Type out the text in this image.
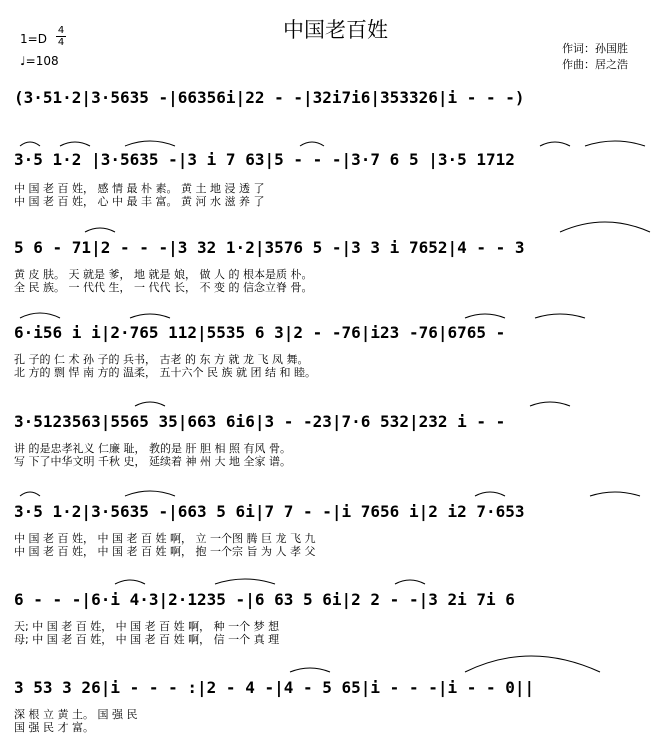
中国老百姓
$1=D \frac{4}{4}$
♩=108
作词：孙国胜
作曲：居之浩
(3·51·2|3·5635 -|66356i|22 - -|32i7i6|353326|i - - -)
3·5 1·2 |3·5635 -|3 i 7 63|5 - - -|3·7 6 5 |3·5 1712
中 国 老 百 姓， 感 情 最 朴 素。 黄 土 地 浸 透 了
中 国 老 百 姓， 心 中 最 丰 富。 黄 河 水 滋 养 了
5 6 - 71|2 - - -|3 32 1·2|3576 5 -|3 3 i 7652|4 - - 3
黄 皮 肤。 天 就是 爹， 地 就是 娘， 做 人 的 根本是质 朴。
全 民 族。 一 代代 生， 一 代代 长， 不 变 的 信念立脊 骨。
6·i56 i i|2·765 112|5535 6 3|2 - -76|i23 -76|6765 -
孔 子的 仁 术 孙 子的 兵书， 古老 的 东 方 就 龙 飞 凤 舞。
北 方的 剽 悍 南 方的 温柔， 五十六个 民 族 就 团 结 和 睦。
3·5123563|5565 35|663 6i6|3 - -23|7·6 532|232 i - -
讲 的是忠孝礼义 仁廉 耻， 教的是 肝 胆 相 照 有风 骨。
写 下了中华文明 千秋 史， 延续着 神 州 大 地 全家 谱。
3·5 1·2|3·5635 -|663 5 6i|7 7 - -|i 7656 i|2 i2 7·653
中 国 老 百 姓， 中 国 老 百 姓 啊， 立 一个图 腾 巨 龙 飞 九
中 国 老 百 姓， 中 国 老 百 姓 啊， 抱 一个宗 旨 为 人 孝 父
6 - - -|6·i 4·3|2·1235 -|6 63 5 6i|2 2 - -|3 2i 7i 6
天; 中 国 老 百 姓， 中 国 老 百 姓 啊， 种 一个 梦 想
母; 中 国 老 百 姓， 中 国 老 百 姓 啊， 信 一个 真 理
3 53 3 26|i - - - :|2 - 4 -|4 - 5 65|i - - -|i - - 0||
深 根 立 黄 土。 国 强 民
国 强 民 才 富。
